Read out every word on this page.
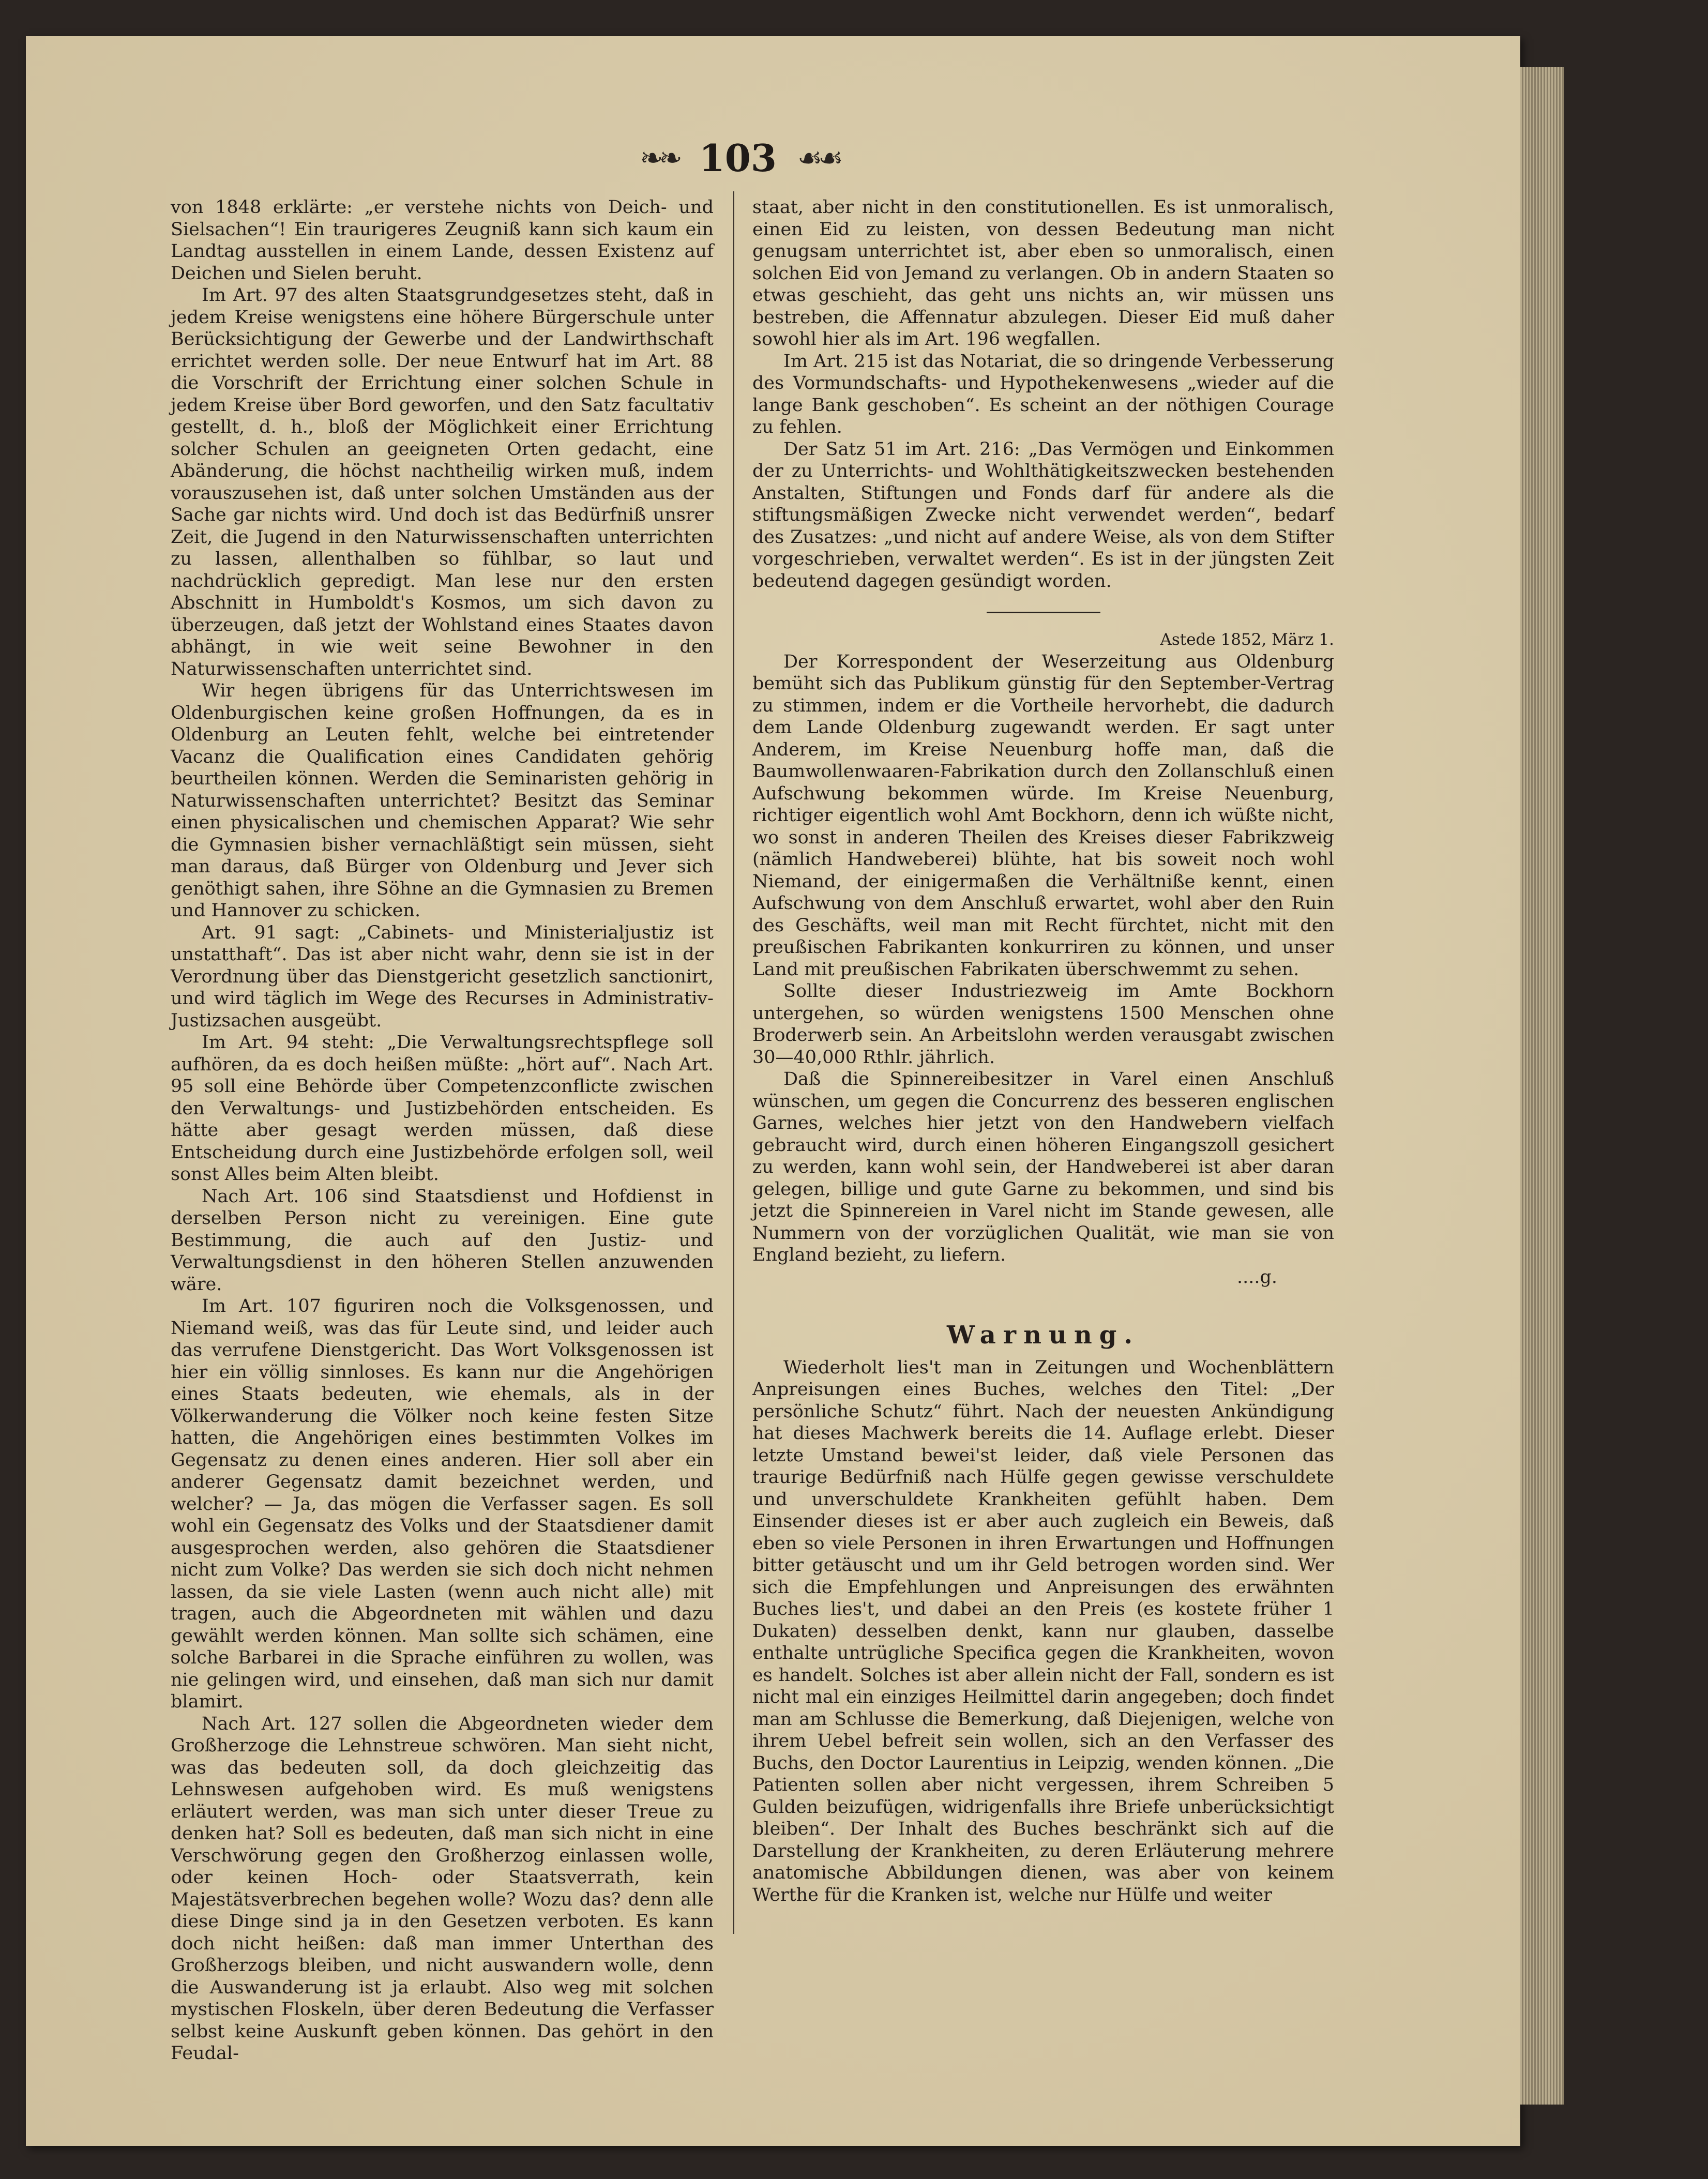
❧❧ 103 ☙☙

von 1848 erklärte: „er verstehe nichts von Deich- und Sielsachen“! Ein traurigeres Zeugniß kann sich kaum ein Landtag ausstellen in einem Lande, dessen Existenz auf Deichen und Sielen beruht.

Im Art. 97 des alten Staatsgrundgesetzes steht, daß in jedem Kreise wenigstens eine höhere Bürgerschule unter Berücksichtigung der Gewerbe und der Landwirthschaft errichtet werden solle. Der neue Entwurf hat im Art. 88 die Vorschrift der Errichtung einer solchen Schule in jedem Kreise über Bord geworfen, und den Satz facultativ gestellt, d. h., bloß der Möglichkeit einer Errichtung solcher Schulen an geeigneten Orten gedacht, eine Abänderung, die höchst nachtheilig wirken muß, indem vorauszusehen ist, daß unter solchen Umständen aus der Sache gar nichts wird. Und doch ist das Bedürfniß unsrer Zeit, die Jugend in den Naturwissenschaften unterrichten zu lassen, allenthalben so fühlbar, so laut und nachdrücklich gepredigt. Man lese nur den ersten Abschnitt in Humboldt's Kosmos, um sich davon zu überzeugen, daß jetzt der Wohlstand eines Staates davon abhängt, in wie weit seine Bewohner in den Naturwissenschaften unterrichtet sind.

Wir hegen übrigens für das Unterrichtswesen im Oldenburgischen keine großen Hoffnungen, da es in Oldenburg an Leuten fehlt, welche bei eintretender Vacanz die Qualification eines Candidaten gehörig beurtheilen können. Werden die Seminaristen gehörig in Naturwissenschaften unterrichtet? Besitzt das Seminar einen physicalischen und chemischen Apparat? Wie sehr die Gymnasien bisher vernachläßtigt sein müssen, sieht man daraus, daß Bürger von Oldenburg und Jever sich genöthigt sahen, ihre Söhne an die Gymnasien zu Bremen und Hannover zu schicken.

Art. 91 sagt: „Cabinets- und Ministerialjustiz ist unstatthaft“. Das ist aber nicht wahr, denn sie ist in der Verordnung über das Dienstgericht gesetzlich sanctionirt, und wird täglich im Wege des Recurses in Administrativ-Justizsachen ausgeübt.

Im Art. 94 steht: „Die Verwaltungsrechtspflege soll aufhören, da es doch heißen müßte: „hört auf“. Nach Art. 95 soll eine Behörde über Competenzconflicte zwischen den Verwaltungs- und Justizbehörden entscheiden. Es hätte aber gesagt werden müssen, daß diese Entscheidung durch eine Justizbehörde erfolgen soll, weil sonst Alles beim Alten bleibt.

Nach Art. 106 sind Staatsdienst und Hofdienst in derselben Person nicht zu vereinigen. Eine gute Bestimmung, die auch auf den Justiz- und Verwaltungsdienst in den höheren Stellen anzuwenden wäre.

Im Art. 107 figuriren noch die Volksgenossen, und Niemand weiß, was das für Leute sind, und leider auch das verrufene Dienstgericht. Das Wort Volksgenossen ist hier ein völlig sinnloses. Es kann nur die Angehörigen eines Staats bedeuten, wie ehemals, als in der Völkerwanderung die Völker noch keine festen Sitze hatten, die Angehörigen eines bestimmten Volkes im Gegensatz zu denen eines anderen. Hier soll aber ein anderer Gegensatz damit bezeichnet werden, und welcher? — Ja, das mögen die Verfasser sagen. Es soll wohl ein Gegensatz des Volks und der Staatsdiener damit ausgesprochen werden, also gehören die Staatsdiener nicht zum Volke? Das werden sie sich doch nicht nehmen lassen, da sie viele Lasten (wenn auch nicht alle) mit tragen, auch die Abgeordneten mit wählen und dazu gewählt werden können. Man sollte sich schämen, eine solche Barbarei in die Sprache einführen zu wollen, was nie gelingen wird, und einsehen, daß man sich nur damit blamirt.

Nach Art. 127 sollen die Abgeordneten wieder dem Großherzoge die Lehnstreue schwören. Man sieht nicht, was das bedeuten soll, da doch gleichzeitig das Lehnswesen aufgehoben wird. Es muß wenigstens erläutert werden, was man sich unter dieser Treue zu denken hat? Soll es bedeuten, daß man sich nicht in eine Verschwörung gegen den Großherzog einlassen wolle, oder keinen Hoch- oder Staatsverrath, kein Majestätsverbrechen begehen wolle? Wozu das? denn alle diese Dinge sind ja in den Gesetzen verboten. Es kann doch nicht heißen: daß man immer Unterthan des Großherzogs bleiben, und nicht auswandern wolle, denn die Auswanderung ist ja erlaubt. Also weg mit solchen mystischen Floskeln, über deren Bedeutung die Verfasser selbst keine Auskunft geben können. Das gehört in den Feudal-

staat, aber nicht in den constitutionellen. Es ist unmoralisch, einen Eid zu leisten, von dessen Bedeutung man nicht genugsam unterrichtet ist, aber eben so unmoralisch, einen solchen Eid von Jemand zu verlangen. Ob in andern Staaten so etwas geschieht, das geht uns nichts an, wir müssen uns bestreben, die Affennatur abzulegen. Dieser Eid muß daher sowohl hier als im Art. 196 wegfallen.

Im Art. 215 ist das Notariat, die so dringende Verbesserung des Vormundschafts- und Hypothekenwesens „wieder auf die lange Bank geschoben“. Es scheint an der nöthigen Courage zu fehlen.

Der Satz 51 im Art. 216: „Das Vermögen und Einkommen der zu Unterrichts- und Wohlthätigkeitszwecken bestehenden Anstalten, Stiftungen und Fonds darf für andere als die stiftungsmäßigen Zwecke nicht verwendet werden“, bedarf des Zusatzes: „und nicht auf andere Weise, als von dem Stifter vorgeschrieben, verwaltet werden“. Es ist in der jüngsten Zeit bedeutend dagegen gesündigt worden.

Astede 1852, März 1.

Der Korrespondent der Weserzeitung aus Oldenburg bemüht sich das Publikum günstig für den September-Vertrag zu stimmen, indem er die Vortheile hervorhebt, die dadurch dem Lande Oldenburg zugewandt werden. Er sagt unter Anderem, im Kreise Neuenburg hoffe man, daß die Baumwollenwaaren-Fabrikation durch den Zollanschluß einen Aufschwung bekommen würde. Im Kreise Neuenburg, richtiger eigentlich wohl Amt Bockhorn, denn ich wüßte nicht, wo sonst in anderen Theilen des Kreises dieser Fabrikzweig (nämlich Handweberei) blühte, hat bis soweit noch wohl Niemand, der einigermaßen die Verhältniße kennt, einen Aufschwung von dem Anschluß erwartet, wohl aber den Ruin des Geschäfts, weil man mit Recht fürchtet, nicht mit den preußischen Fabrikanten konkurriren zu können, und unser Land mit preußischen Fabrikaten überschwemmt zu sehen.

Sollte dieser Industriezweig im Amte Bockhorn untergehen, so würden wenigstens 1500 Menschen ohne Broderwerb sein. An Arbeitslohn werden verausgabt zwischen 30—40,000 Rthlr. jährlich.

Daß die Spinnereibesitzer in Varel einen Anschluß wünschen, um gegen die Concurrenz des besseren englischen Garnes, welches hier jetzt von den Handwebern vielfach gebraucht wird, durch einen höheren Eingangszoll gesichert zu werden, kann wohl sein, der Handweberei ist aber daran gelegen, billige und gute Garne zu bekommen, und sind bis jetzt die Spinnereien in Varel nicht im Stande gewesen, alle Nummern von der vorzüglichen Qualität, wie man sie von England bezieht, zu liefern.

....g.

Warnung.

Wiederholt lies't man in Zeitungen und Wochenblättern Anpreisungen eines Buches, welches den Titel: „Der persönliche Schutz“ führt. Nach der neuesten Ankündigung hat dieses Machwerk bereits die 14. Auflage erlebt. Dieser letzte Umstand bewei'st leider, daß viele Personen das traurige Bedürfniß nach Hülfe gegen gewisse verschuldete und unverschuldete Krankheiten gefühlt haben. Dem Einsender dieses ist er aber auch zugleich ein Beweis, daß eben so viele Personen in ihren Erwartungen und Hoffnungen bitter getäuscht und um ihr Geld betrogen worden sind. Wer sich die Empfehlungen und Anpreisungen des erwähnten Buches lies't, und dabei an den Preis (es kostete früher 1 Dukaten) desselben denkt, kann nur glauben, dasselbe enthalte untrügliche Specifica gegen die Krankheiten, wovon es handelt. Solches ist aber allein nicht der Fall, sondern es ist nicht mal ein einziges Heilmittel darin angegeben; doch findet man am Schlusse die Bemerkung, daß Diejenigen, welche von ihrem Uebel befreit sein wollen, sich an den Verfasser des Buchs, den Doctor Laurentius in Leipzig, wenden können. „Die Patienten sollen aber nicht vergessen, ihrem Schreiben 5 Gulden beizufügen, widrigenfalls ihre Briefe unberücksichtigt bleiben“. Der Inhalt des Buches beschränkt sich auf die Darstellung der Krankheiten, zu deren Erläuterung mehrere anatomische Abbildungen dienen, was aber von keinem Werthe für die Kranken ist, welche nur Hülfe und weiter
